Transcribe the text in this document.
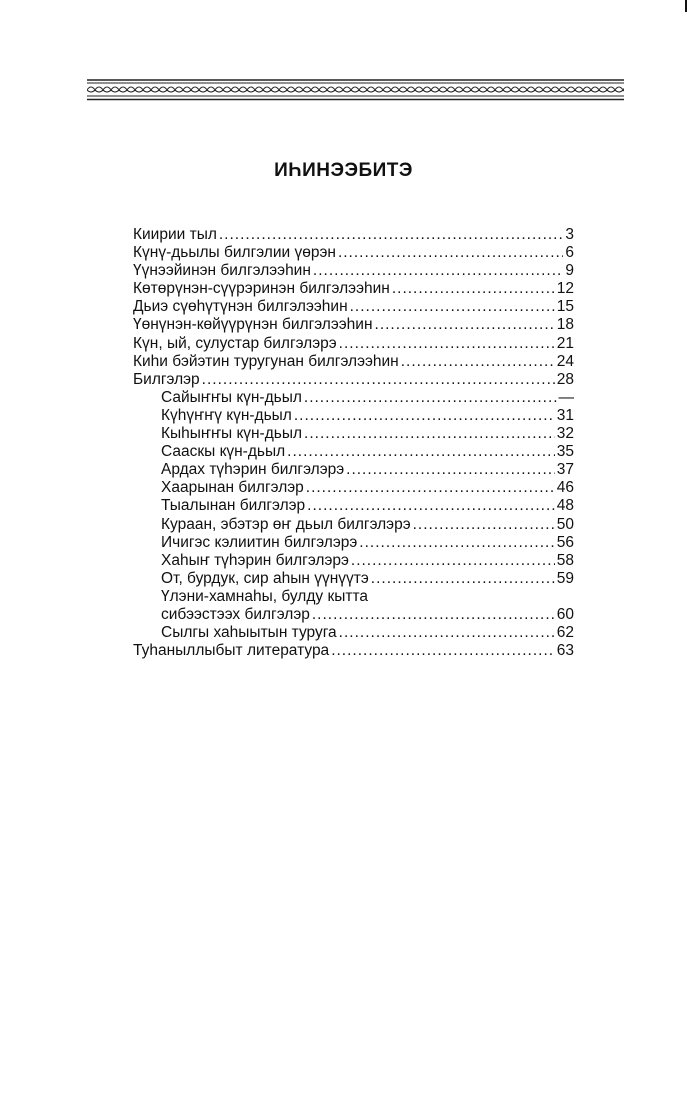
ИҺИНЭЭБИТЭ
Киирии тыл .....	3
Күнү-дьылы билгэлии үөрэн .....	6
Үүнээйинэн билгэлээһин .....	9
Көтөрүнэн-сүүрэринэн билгэлээһин .....	12
Дьиэ сүөһүтүнэн билгэлээһин .....	15
Үөнүнэн-көйүүрүнэн билгэлээһин .....	18
Күн, ый, сулустар билгэлэрэ .....	21
Киһи бэйэтин туругунан билгэлээһин .....	24
Билгэлэр .....	28
Сайыҥҥы күн-дьыл .....	—
Күһүҥҥү күн-дьыл .....	31
Кыһыҥҥы күн-дьыл .....	32
Сааскы күн-дьыл .....	35
Ардах түһэрин билгэлэрэ .....	37
Хаарынан билгэлэр .....	46
Тыалынан билгэлэр .....	48
Кураан, эбэтэр өҥ дьыл билгэлэрэ .....	50
Ичигэс кэлиитин билгэлэрэ .....	56
Хаһыҥ түһэрин билгэлэрэ .....	58
От, бурдук, сир аһын үүнүүтэ .....	59
Үлэни-хамнаһы, булду кытта
сибээстээх билгэлэр .....	60
Сылгы хаһыытын туруга .....	62
Туһаныллыбыт литература .....	63
